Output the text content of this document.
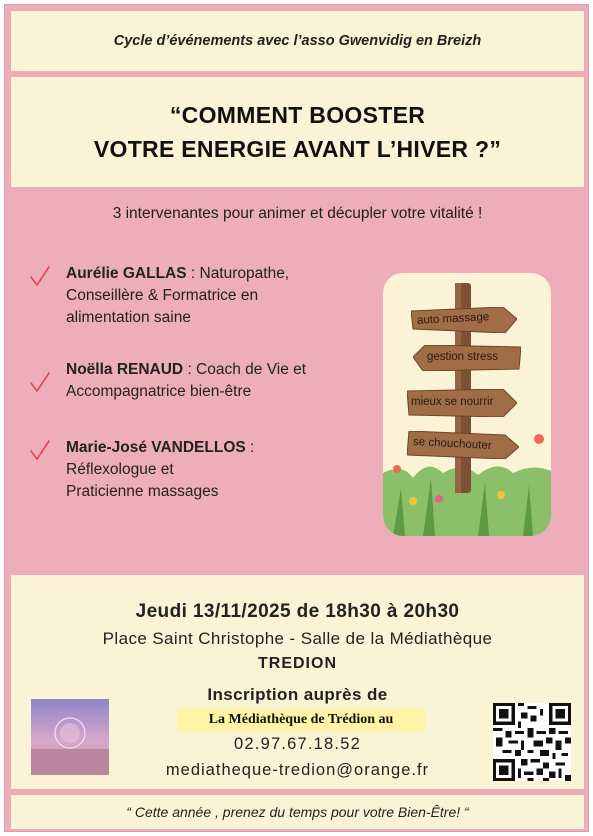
Cycle d’événements avec l’asso Gwenvidig en Breizh
“COMMENT BOOSTER
VOTRE ENERGIE AVANT L’HIVER ?”
3 intervenantes pour animer et décupler votre vitalité !
Aurélie GALLAS : Naturopathe,
Conseillère & Formatrice en
alimentation saine
Noëlla RENAUD : Coach de Vie et
Accompagnatrice bien-être
Marie-José VANDELLOS :
Réflexologue et
Praticienne massages
auto massage
gestion stress
mieux se nourrir
se chouchouter
Jeudi 13/11/2025 de 18h30 à 20h30
Place Saint Christophe - Salle de la Médiathèque
TREDION
Inscription auprès de
La Médiathèque de Trédion au
02.97.67.18.52
mediatheque-tredion@orange.fr
“ Cette année , prenez du temps pour votre Bien-Être! “
